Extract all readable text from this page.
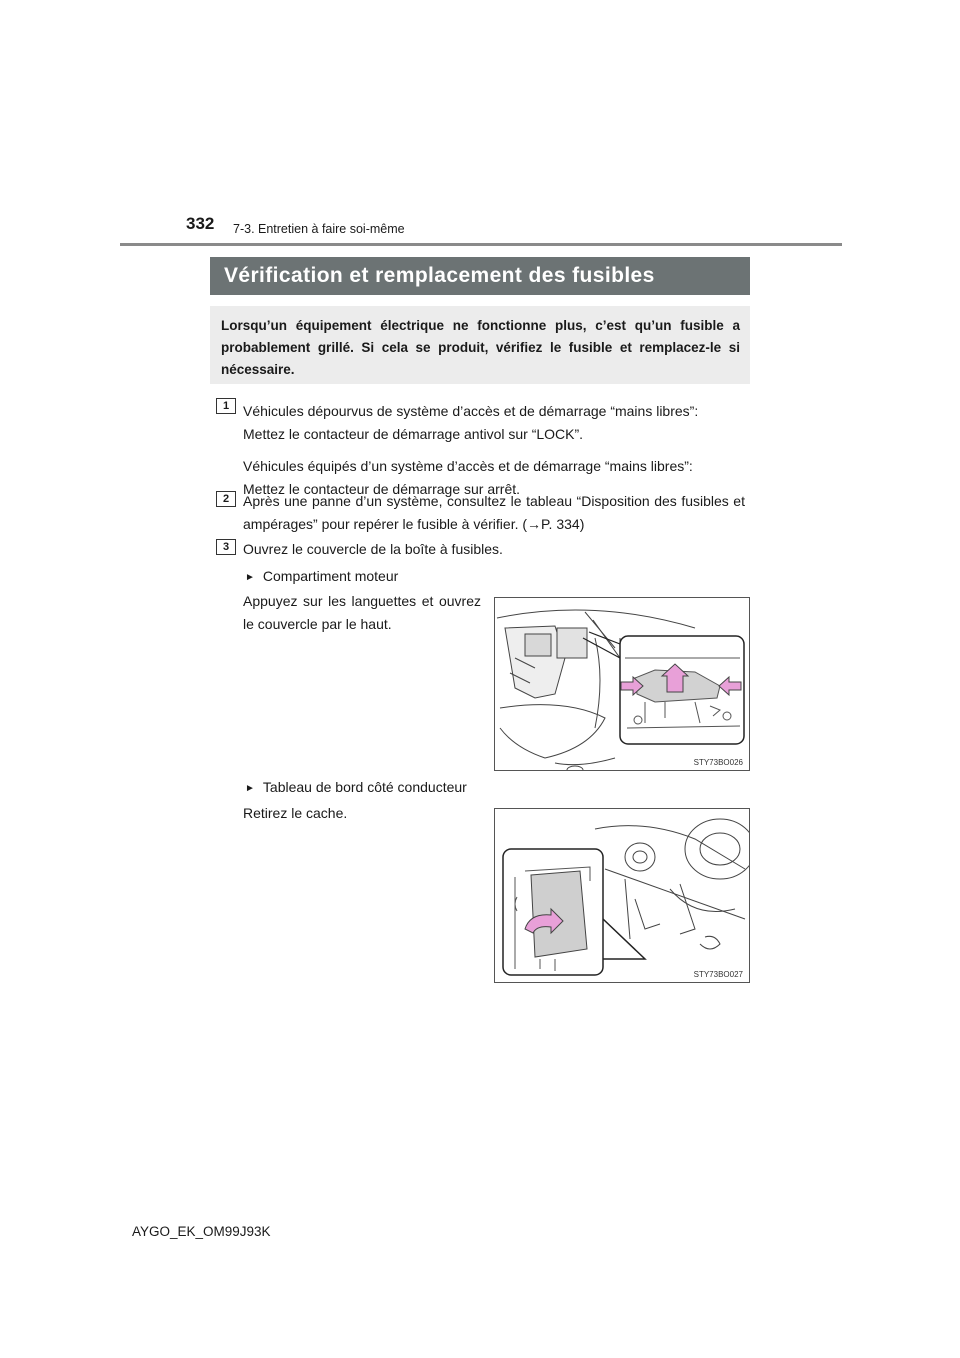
332 7-3. Entretien à faire soi-même
Vérification et remplacement des fusibles
Lorsqu’un équipement électrique ne fonctionne plus, c’est qu’un fusible a probablement grillé. Si cela se produit, vérifiez le fusible et remplacez-le si nécessaire.
1 Véhicules dépourvus de système d’accès et de démarrage “mains libres”:
Mettez le contacteur de démarrage antivol sur “LOCK”.
Véhicules équipés d’un système d’accès et de démarrage “mains libres”:
Mettez le contacteur de démarrage sur arrêt.
2 Après une panne d’un système, consultez le tableau “Disposition des fusibles et ampérages” pour repérer le fusible à vérifier. (→P. 334)
3 Ouvrez le couvercle de la boîte à fusibles.
► Compartiment moteur
Appuyez sur les languettes et ouvrez le couvercle par le haut.
STY73BO026
► Tableau de bord côté conducteur
Retirez le cache.
STY73BO027
AYGO_EK_OM99J93K
